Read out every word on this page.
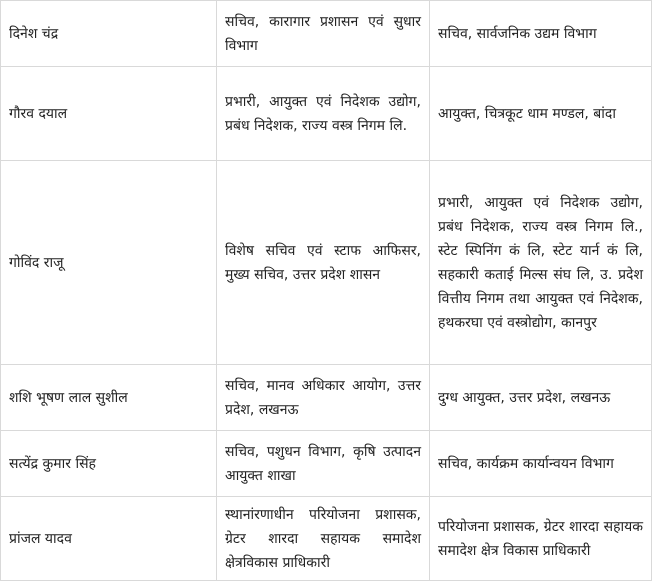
दिनेश चंद्र	सचिव, कारागार प्रशासन एवं सुधार विभाग	सचिव, सार्वजनिक उद्यम विभाग
गौरव दयाल	प्रभारी, आयुक्त एवं निदेशक उद्योग, प्रबंध निदेशक, राज्य वस्त्र निगम लि.	आयुक्त, चित्रकूट धाम मण्डल, बांदा
गोविंद राजू	विशेष सचिव एवं स्टाफ आफिसर, मुख्य सचिव, उत्तर प्रदेश शासन	प्रभारी, आयुक्त एवं निदेशक उद्योग, प्रबंध निदेशक, राज्य वस्त्र निगम लि., स्टेट स्पिनिंग कं लि, स्टेट यार्न कं लि, सहकारी कताई मिल्स संघ लि, उ. प्रदेश वित्तीय निगम तथा आयुक्त एवं निदेशक, हथकरघा एवं वस्त्रोद्योग, कानपुर
शशि भूषण लाल सुशील	सचिव, मानव अधिकार आयोग, उत्तर प्रदेश, लखनऊ	दुग्ध आयुक्त, उत्तर प्रदेश, लखनऊ
सत्येंद्र कुमार सिंह	सचिव, पशुधन विभाग, कृषि उत्पादन आयुक्त शाखा	सचिव, कार्यक्रम कार्यान्वयन विभाग
प्रांजल यादव	स्थानांरणाधीन परियोजना प्रशासक, ग्रेटर शारदा सहायक समादेश क्षेत्रविकास प्राधिकारी	परियोजना प्रशासक, ग्रेटर शारदा सहायक समादेश क्षेत्र विकास प्राधिकारी
